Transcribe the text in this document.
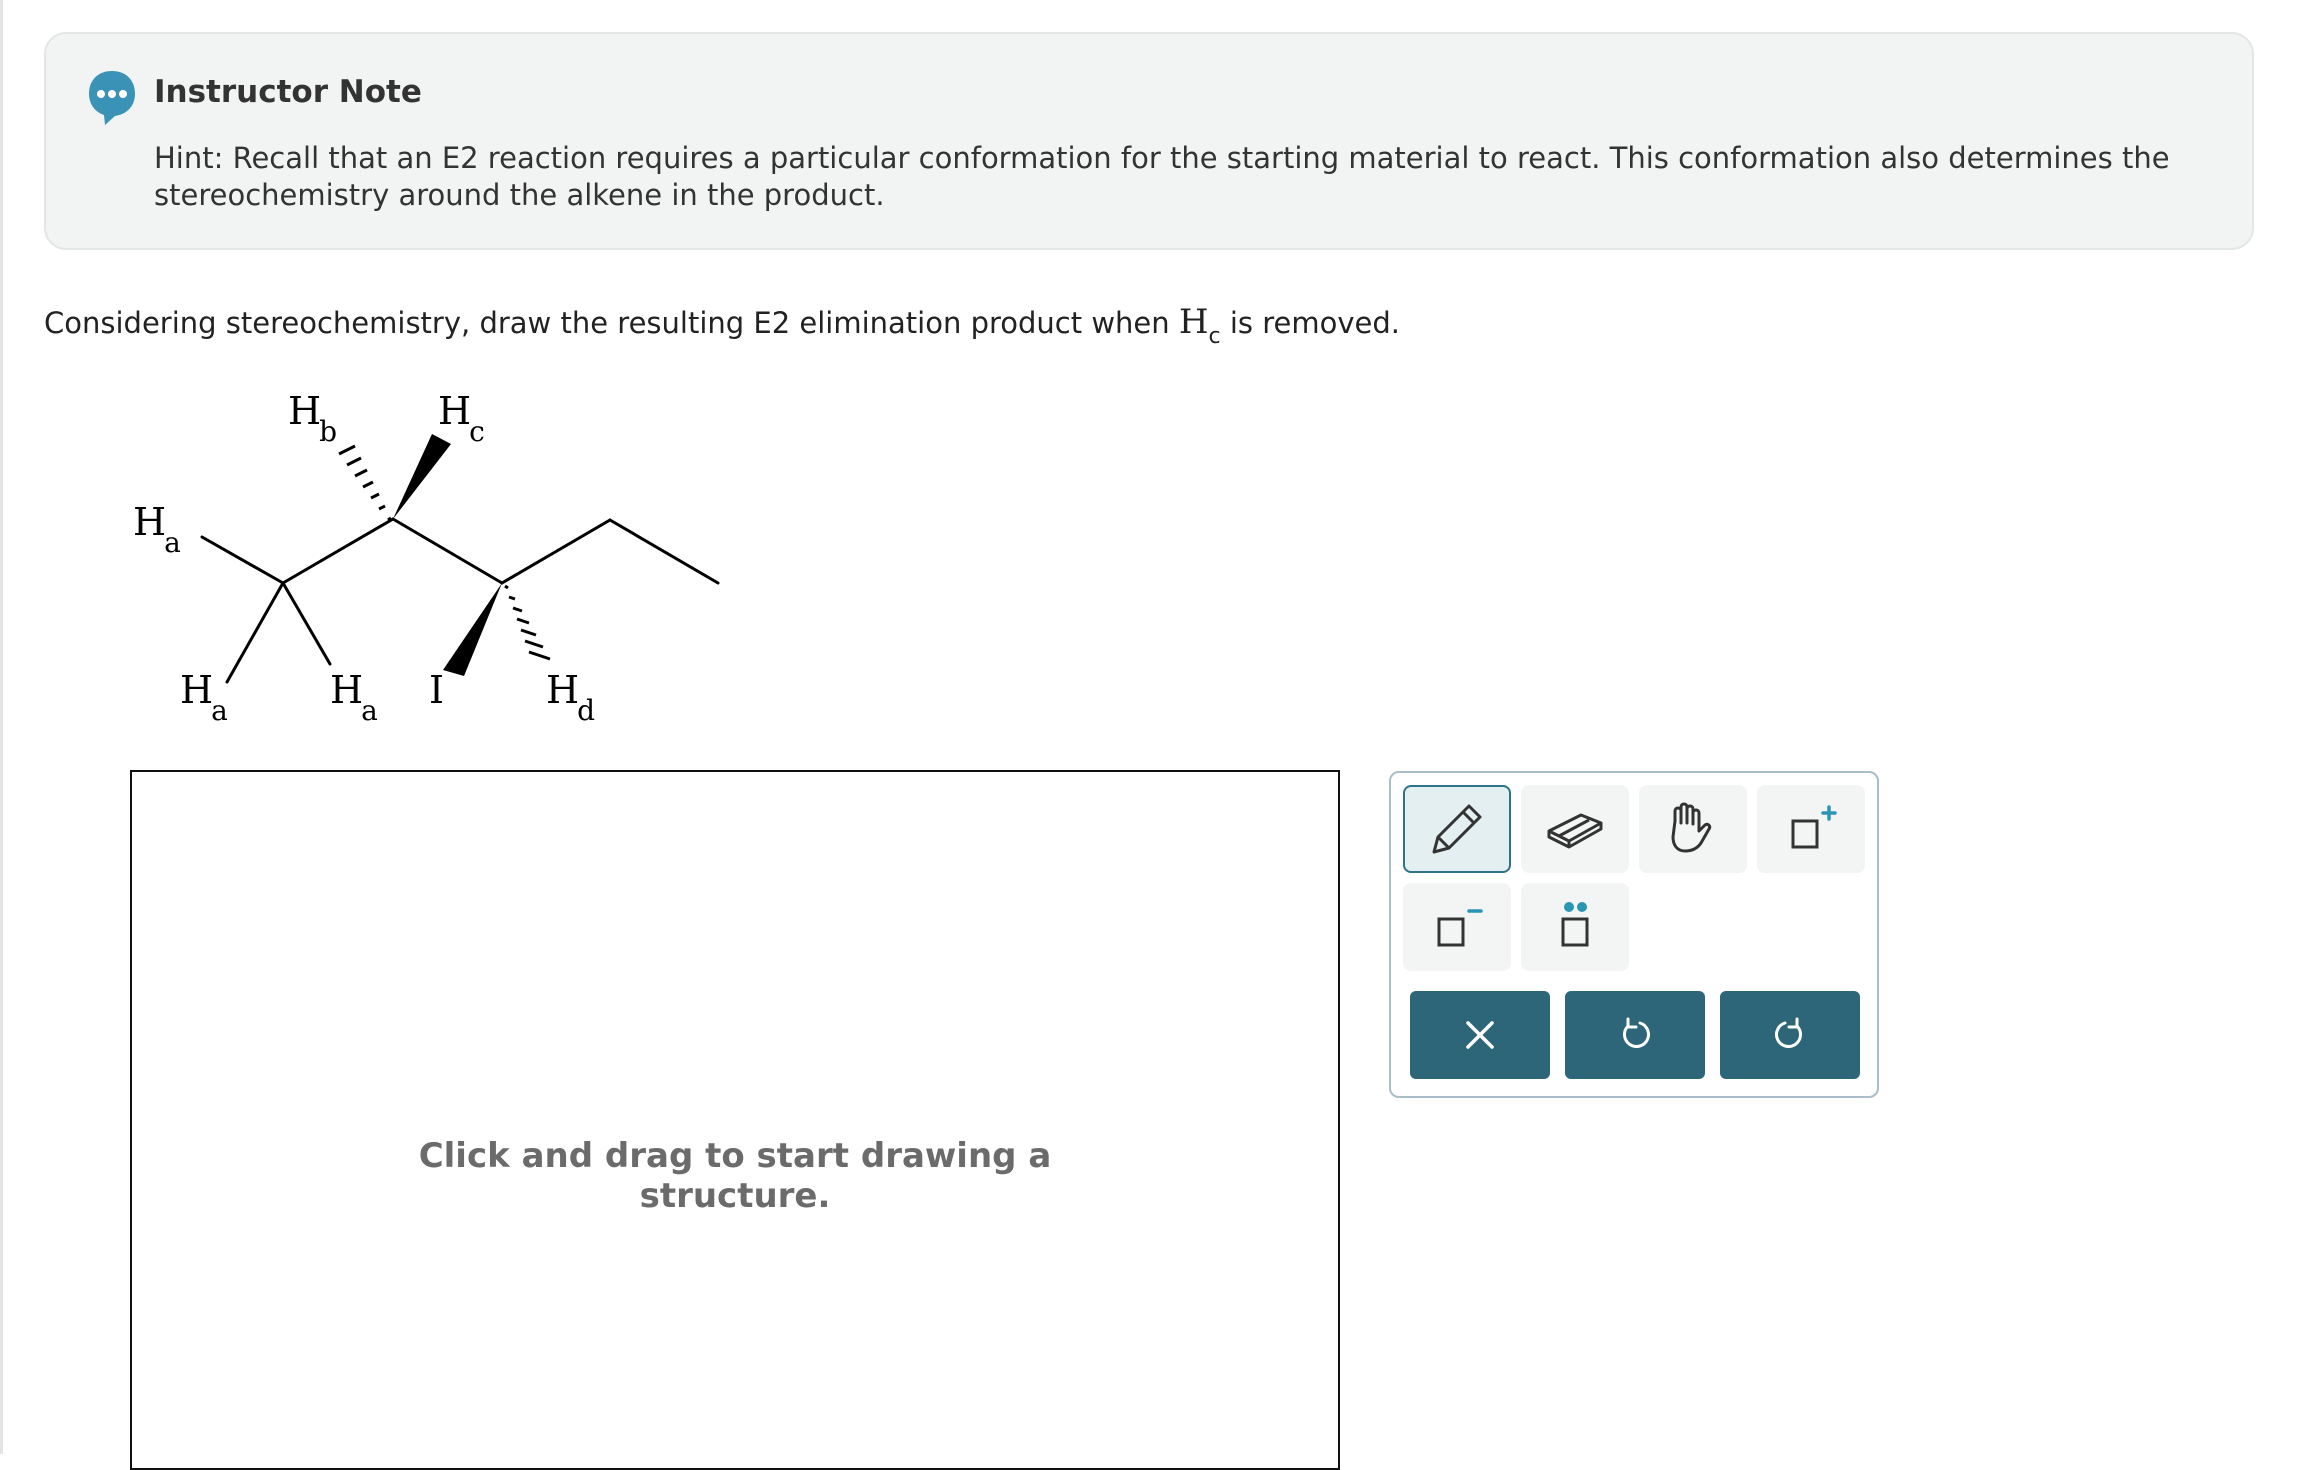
Instructor Note
Hint: Recall that an E2 reaction requires a particular conformation for the starting material to react. This conformation also determines the stereochemistry around the alkene in the product.
Considering stereochemistry, draw the resulting E2 elimination product when $H_c$ is removed.
Ha
Ha	Ha
Hb	Hc
Hd
I
Click and drag to start drawing a
structure.
